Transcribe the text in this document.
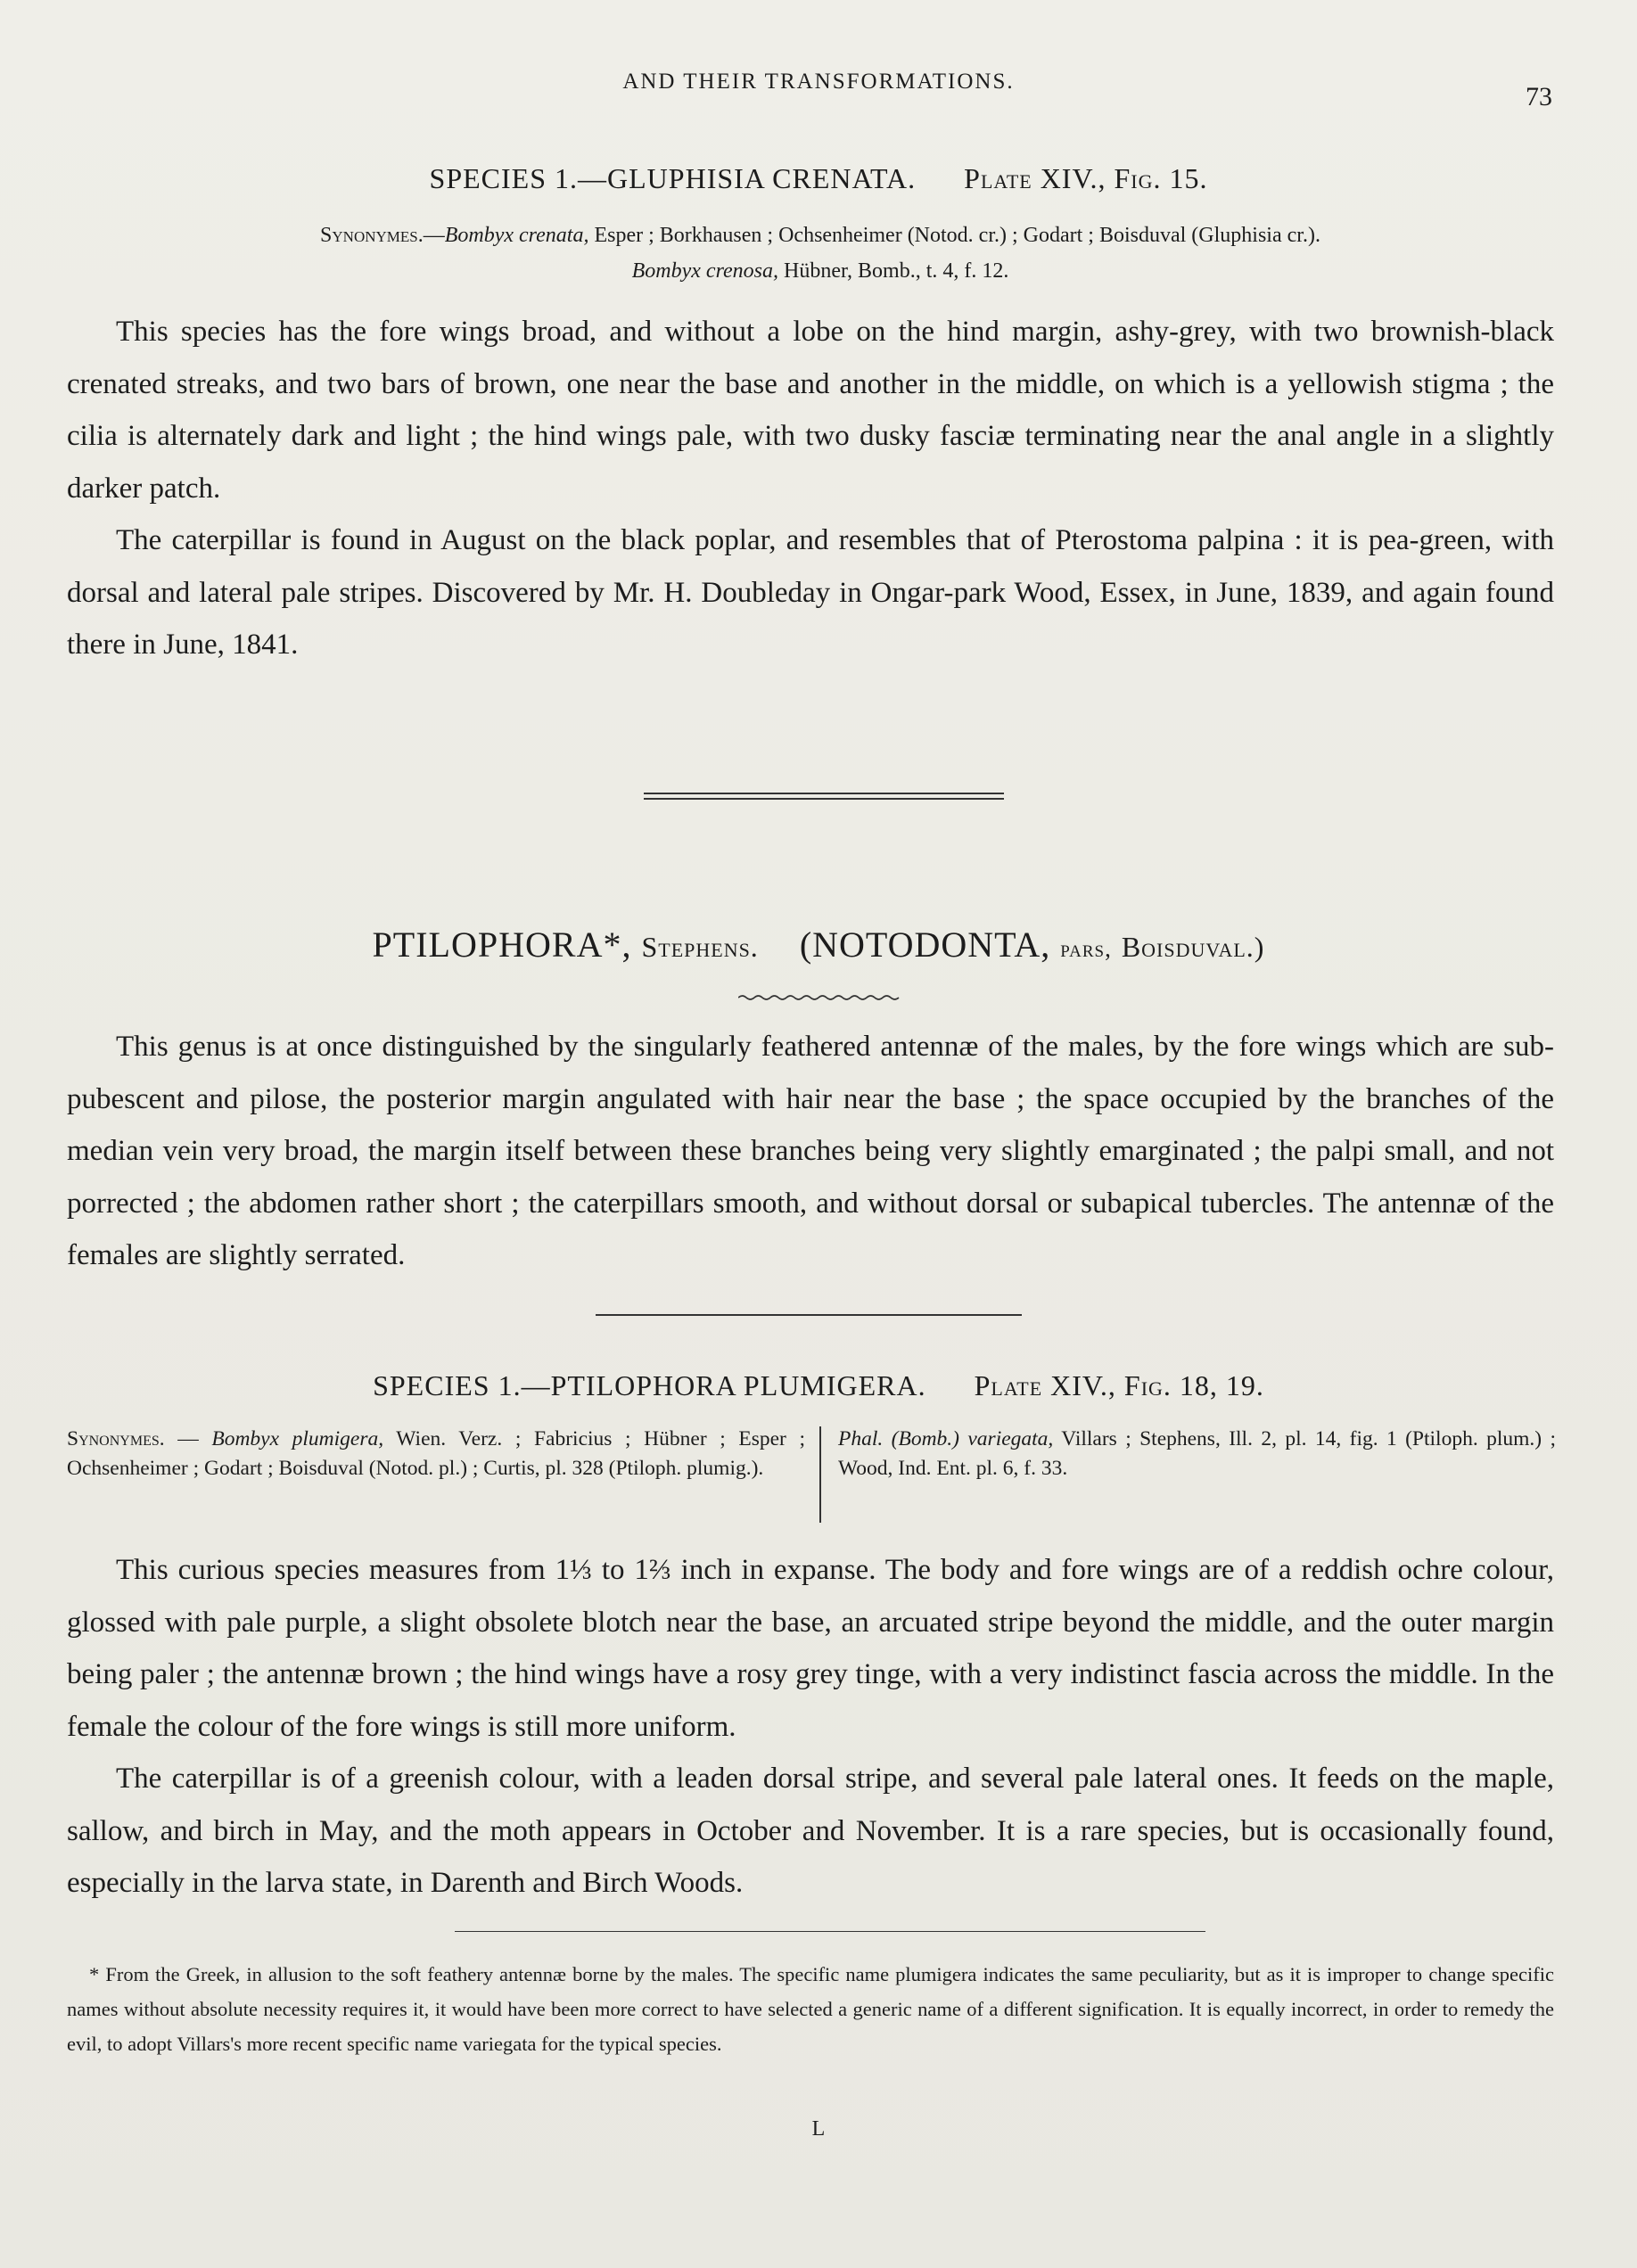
AND THEIR TRANSFORMATIONS.
73
SPECIES 1.—GLUPHISIA CRENATA. Plate XIV., Fig. 15.
Synonymes.—Bombyx crenata, Esper ; Borkhausen ; Ochsenheimer (Notod. cr.) ; Godart ; Boisduval (Gluphisia cr.).
Bombyx crenosa, Hübner, Bomb., t. 4, f. 12.

This species has the fore wings broad, and without a lobe on the hind margin, ashy-grey, with two brownish-black crenated streaks, and two bars of brown, one near the base and another in the middle, on which is a yellowish stigma ; the cilia is alternately dark and light ; the hind wings pale, with two dusky fasciæ terminating near the anal angle in a slightly darker patch.

The caterpillar is found in August on the black poplar, and resembles that of Pterostoma palpina : it is pea-green, with dorsal and lateral pale stripes. Discovered by Mr. H. Doubleday in Ongar-park Wood, Essex, in June, 1839, and again found there in June, 1841.

PTILOPHORA*, Stephens. (NOTODONTA, pars, Boisduval.)

This genus is at once distinguished by the singularly feathered antennæ of the males, by the fore wings which are sub-pubescent and pilose, the posterior margin angulated with hair near the base ; the space occupied by the branches of the median vein very broad, the margin itself between these branches being very slightly emarginated ; the palpi small, and not porrected ; the abdomen rather short ; the caterpillars smooth, and without dorsal or subapical tubercles. The antennæ of the females are slightly serrated.

SPECIES 1.—PTILOPHORA PLUMIGERA. Plate XIV., Fig. 18, 19.
Synonymes. — Bombyx plumigera, Wien. Verz. ; Fabricius ; Hübner ; Esper ; Ochsenheimer ; Godart ; Boisduval (Notod. pl.) ; Curtis, pl. 328 (Ptiloph. plumig.).
Phal. (Bomb.) variegata, Villars ; Stephens, Ill. 2, pl. 14, fig. 1 (Ptiloph. plum.) ; Wood, Ind. Ent. pl. 6, f. 33.

This curious species measures from 1⅓ to 1⅔ inch in expanse. The body and fore wings are of a reddish ochre colour, glossed with pale purple, a slight obsolete blotch near the base, an arcuated stripe beyond the middle, and the outer margin being paler ; the antennæ brown ; the hind wings have a rosy grey tinge, with a very indistinct fascia across the middle. In the female the colour of the fore wings is still more uniform.

The caterpillar is of a greenish colour, with a leaden dorsal stripe, and several pale lateral ones. It feeds on the maple, sallow, and birch in May, and the moth appears in October and November. It is a rare species, but is occasionally found, especially in the larva state, in Darenth and Birch Woods.

* From the Greek, in allusion to the soft feathery antennæ borne by the males. The specific name plumigera indicates the same peculiarity, but as it is improper to change specific names without absolute necessity requires it, it would have been more correct to have selected a generic name of a different signification. It is equally incorrect, in order to remedy the evil, to adopt Villars's more recent specific name variegata for the typical species.

L
